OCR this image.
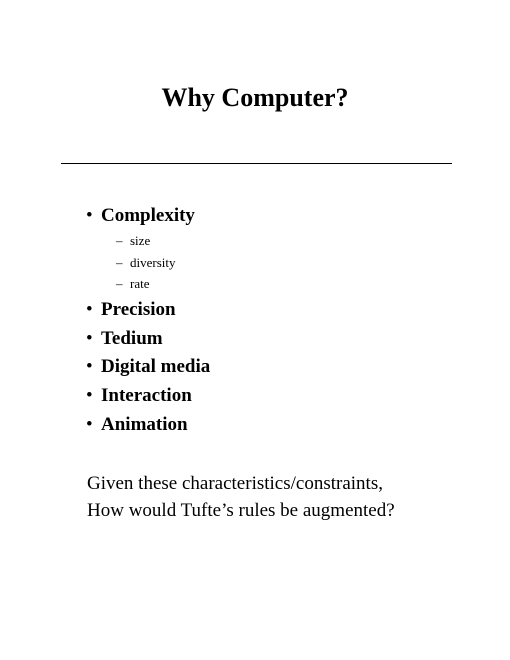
Why Computer?
• Complexity
– size
– diversity
– rate
• Precision
• Tedium
• Digital media
• Interaction
• Animation
Given these characteristics/constraints,
How would Tufte’s rules be augmented?
